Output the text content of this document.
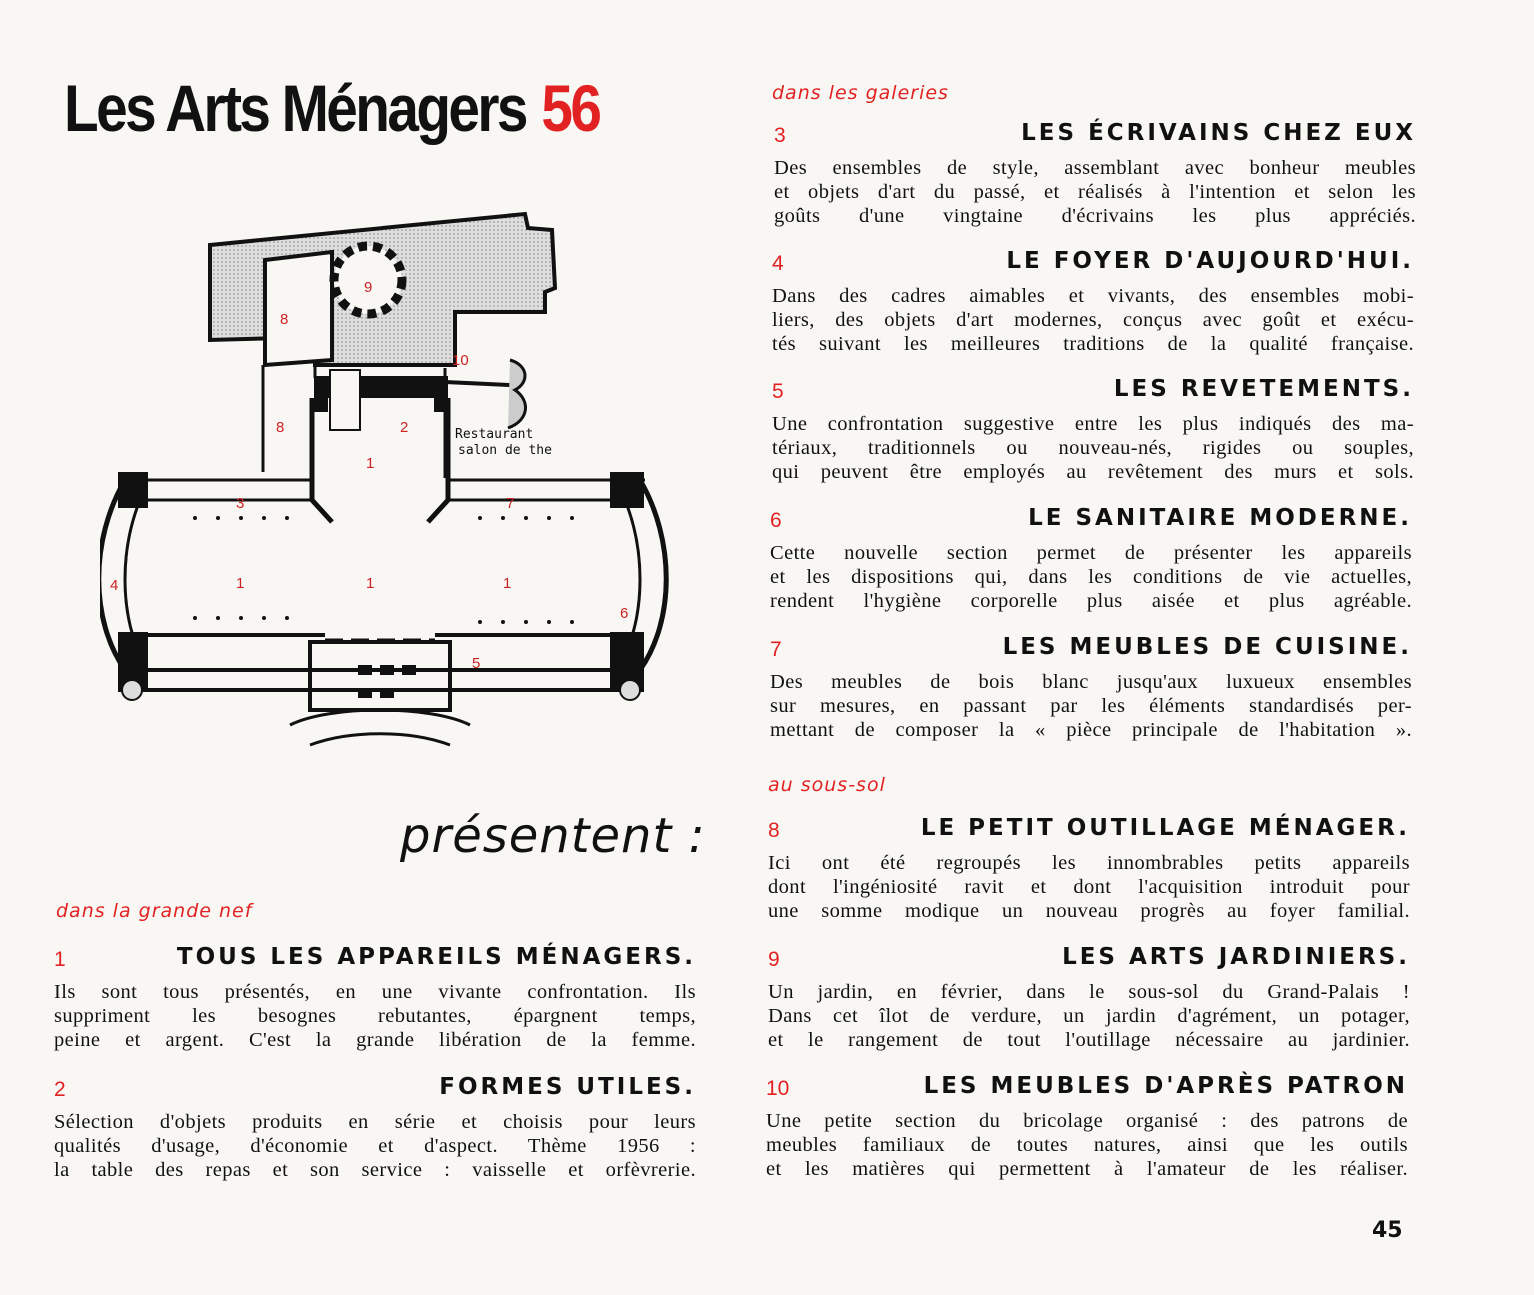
Les Arts Ménagers 56
1
1	1	1
2
3
4
5
6
7
8
8
9
10
Restaurant
salon de the
présentent :
dans la grande nef
dans les galeries
au sous-sol
1	TOUS LES APPAREILS MÉNAGERS.

Ils sont tous présentés, en une vivante confrontation. Ils

suppriment les besognes rebutantes, épargnent temps,

peine et argent. C'est la grande libération de la femme.

2	FORMES UTILES.

Sélection d'objets produits en série et choisis pour leurs

qualités d'usage, d'économie et d'aspect. Thème 1956 :

la table des repas et son service : vaisselle et orfèvrerie.

3	LES ÉCRIVAINS CHEZ EUX

Des ensembles de style, assemblant avec bonheur meubles

et objets d'art du passé, et réalisés à l'intention et selon les

goûts d'une vingtaine d'écrivains les plus appréciés.

4	LE FOYER D'AUJOURD'HUI.

Dans des cadres aimables et vivants, des ensembles mobi-

liers, des objets d'art modernes, conçus avec goût et exécu-

tés suivant les meilleures traditions de la qualité française.

5	LES REVETEMENTS.

Une confrontation suggestive entre les plus indiqués des ma-

tériaux, traditionnels ou nouveau-nés, rigides ou souples,

qui peuvent être employés au revêtement des murs et sols.

6	LE SANITAIRE MODERNE.

Cette nouvelle section permet de présenter les appareils

et les dispositions qui, dans les conditions de vie actuelles,

rendent l'hygiène corporelle plus aisée et plus agréable.

7	LES MEUBLES DE CUISINE.

Des meubles de bois blanc jusqu'aux luxueux ensembles

sur mesures, en passant par les éléments standardisés per-

mettant de composer la « pièce principale de l'habitation ».

8	LE PETIT OUTILLAGE MÉNAGER.

Ici ont été regroupés les innombrables petits appareils

dont l'ingéniosité ravit et dont l'acquisition introduit pour

une somme modique un nouveau progrès au foyer familial.

9	LES ARTS JARDINIERS.

Un jardin, en février, dans le sous-sol du Grand-Palais !

Dans cet îlot de verdure, un jardin d'agrément, un potager,

et le rangement de tout l'outillage nécessaire au jardinier.

10	LES MEUBLES D'APRÈS PATRON

Une petite section du bricolage organisé : des patrons de

meubles familiaux de toutes natures, ainsi que les outils

et les matières qui permettent à l'amateur de les réaliser.

45
